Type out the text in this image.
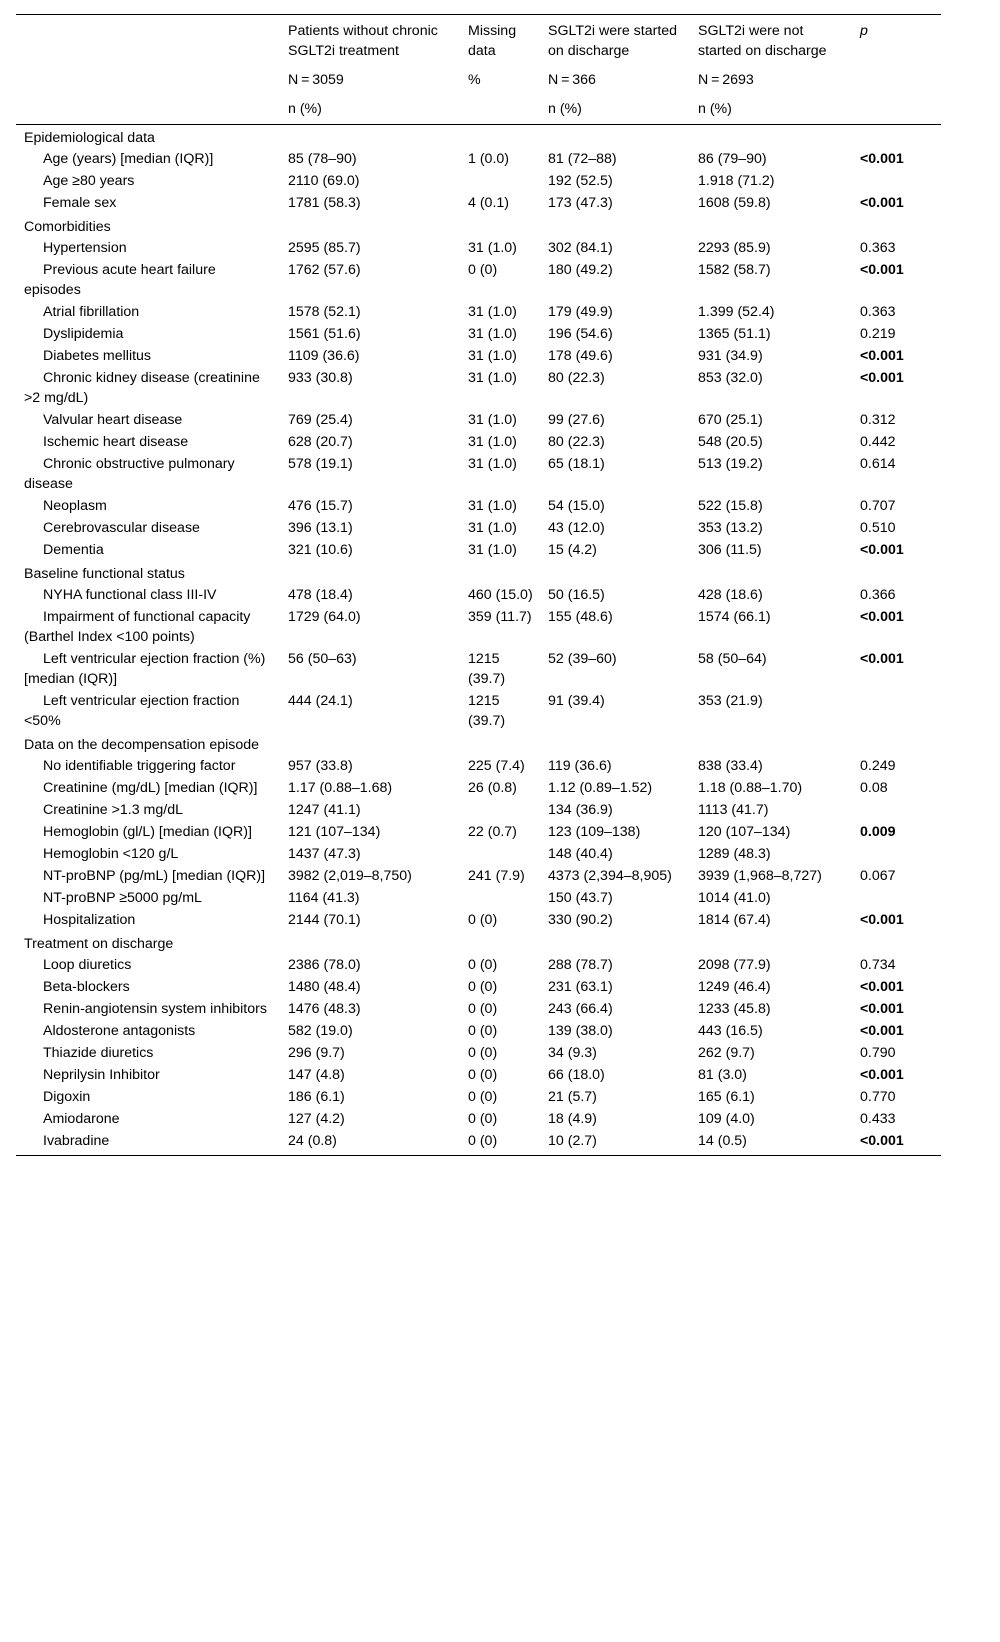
	Patients without chronic SGLT2i treatment	Missing data	SGLT2i were started on discharge	SGLT2i were not started on discharge	p
	N = 3059	%	N = 366	N = 2693	
	n (%)		n (%)	n (%)	
Epidemiological data					
Age (years) [median (IQR)]	85 (78–90)	1 (0.0)	81 (72–88)	86 (79–90)	<0.001
Age ≥80 years	2110 (69.0)		192 (52.5)	1.918 (71.2)	
Female sex	1781 (58.3)	4 (0.1)	173 (47.3)	1608 (59.8)	<0.001
Comorbidities					
Hypertension	2595 (85.7)	31 (1.0)	302 (84.1)	2293 (85.9)	0.363
Previous acute heart failure episodes	1762 (57.6)	0 (0)	180 (49.2)	1582 (58.7)	<0.001
Atrial fibrillation	1578 (52.1)	31 (1.0)	179 (49.9)	1.399 (52.4)	0.363
Dyslipidemia	1561 (51.6)	31 (1.0)	196 (54.6)	1365 (51.1)	0.219
Diabetes mellitus	1109 (36.6)	31 (1.0)	178 (49.6)	931 (34.9)	<0.001
Chronic kidney disease (creatinine >2 mg/dL)	933 (30.8)	31 (1.0)	80 (22.3)	853 (32.0)	<0.001
Valvular heart disease	769 (25.4)	31 (1.0)	99 (27.6)	670 (25.1)	0.312
Ischemic heart disease	628 (20.7)	31 (1.0)	80 (22.3)	548 (20.5)	0.442
Chronic obstructive pulmonary disease	578 (19.1)	31 (1.0)	65 (18.1)	513 (19.2)	0.614
Neoplasm	476 (15.7)	31 (1.0)	54 (15.0)	522 (15.8)	0.707
Cerebrovascular disease	396 (13.1)	31 (1.0)	43 (12.0)	353 (13.2)	0.510
Dementia	321 (10.6)	31 (1.0)	15 (4.2)	306 (11.5)	<0.001
Baseline functional status					
NYHA functional class III-IV	478 (18.4)	460 (15.0)	50 (16.5)	428 (18.6)	0.366
Impairment of functional capacity (Barthel Index <100 points)	1729 (64.0)	359 (11.7)	155 (48.6)	1574 (66.1)	<0.001
Left ventricular ejection fraction (%) [median (IQR)]	56 (50–63)	1215 (39.7)	52 (39–60)	58 (50–64)	<0.001
Left ventricular ejection fraction <50%	444 (24.1)	1215 (39.7)	91 (39.4)	353 (21.9)	
Data on the decompensation episode					
No identifiable triggering factor	957 (33.8)	225 (7.4)	119 (36.6)	838 (33.4)	0.249
Creatinine (mg/dL) [median (IQR)]	1.17 (0.88–1.68)	26 (0.8)	1.12 (0.89–1.52)	1.18 (0.88–1.70)	0.08
Creatinine >1.3 mg/dL	1247 (41.1)		134 (36.9)	1113 (41.7)	
Hemoglobin (gl/L) [median (IQR)]	121 (107–134)	22 (0.7)	123 (109–138)	120 (107–134)	0.009
Hemoglobin <120 g/L	1437 (47.3)		148 (40.4)	1289 (48.3)	
NT-proBNP (pg/mL) [median (IQR)]	3982 (2,019–8,750)	241 (7.9)	4373 (2,394–8,905)	3939 (1,968–8,727)	0.067
NT-proBNP ≥5000 pg/mL	1164 (41.3)		150 (43.7)	1014 (41.0)	
Hospitalization	2144 (70.1)	0 (0)	330 (90.2)	1814 (67.4)	<0.001
Treatment on discharge					
Loop diuretics	2386 (78.0)	0 (0)	288 (78.7)	2098 (77.9)	0.734
Beta-blockers	1480 (48.4)	0 (0)	231 (63.1)	1249 (46.4)	<0.001
Renin-angiotensin system inhibitors	1476 (48.3)	0 (0)	243 (66.4)	1233 (45.8)	<0.001
Aldosterone antagonists	582 (19.0)	0 (0)	139 (38.0)	443 (16.5)	<0.001
Thiazide diuretics	296 (9.7)	0 (0)	34 (9.3)	262 (9.7)	0.790
Neprilysin Inhibitor	147 (4.8)	0 (0)	66 (18.0)	81 (3.0)	<0.001
Digoxin	186 (6.1)	0 (0)	21 (5.7)	165 (6.1)	0.770
Amiodarone	127 (4.2)	0 (0)	18 (4.9)	109 (4.0)	0.433
Ivabradine	24 (0.8)	0 (0)	10 (2.7)	14 (0.5)	<0.001
